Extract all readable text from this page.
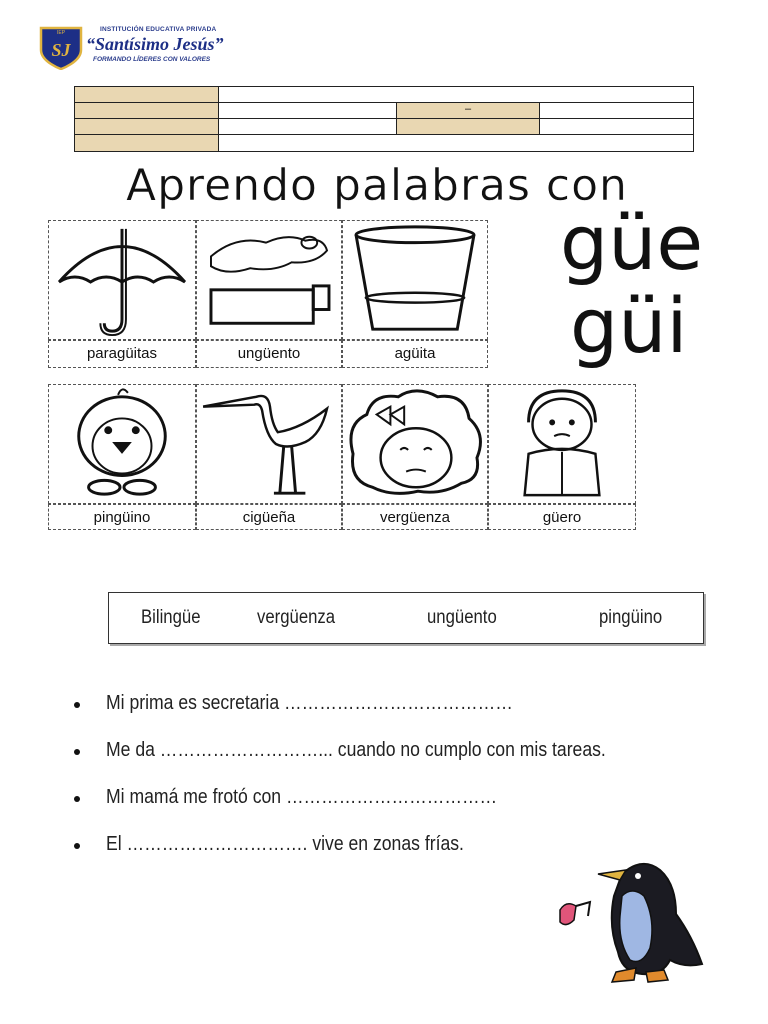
IEP
SJ
INSTITUCIÓN EDUCATIVA PRIVADA
“Santísimo Jesús”
FORMANDO LÍDERES CON VALORES
–
Aprendo palabras con
güe
güi
paragüitas	ungüento	agüita
pingüino	cigüeña	vergüenza	güero
Bilingüe	vergüenza	ungüento	pingüino
Mi prima es secretaria …………………………………
Me da ………………………... cuando no cumplo con mis tareas.
Mi mamá me frotó con ………………………………
El …………………………. vive en zonas frías.
